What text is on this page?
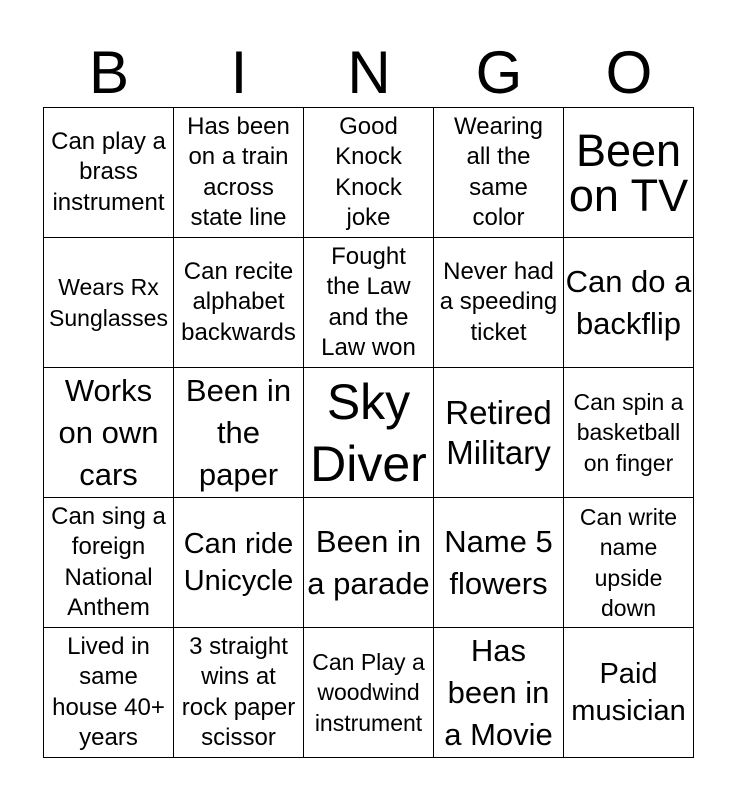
B	I	N	G	O
Can play a brass instrument
Has been on a train across state line
Good Knock Knock joke
Wearing all the same color
Been on TV
Wears Rx Sunglasses
Can recite alphabet backwards
Fought the Law and the Law won
Never had a speeding ticket
Can do a backflip
Works on own cars
Been in the paper
Sky Diver
Retired Military
Can spin a basketball on finger
Can sing a foreign National Anthem
Can ride Unicycle
Been in a parade
Name 5 flowers
Can write name upside down
Lived in same house 40+ years
3 straight wins at rock paper scissor
Can Play a woodwind instrument
Has been in a Movie
Paid musician
